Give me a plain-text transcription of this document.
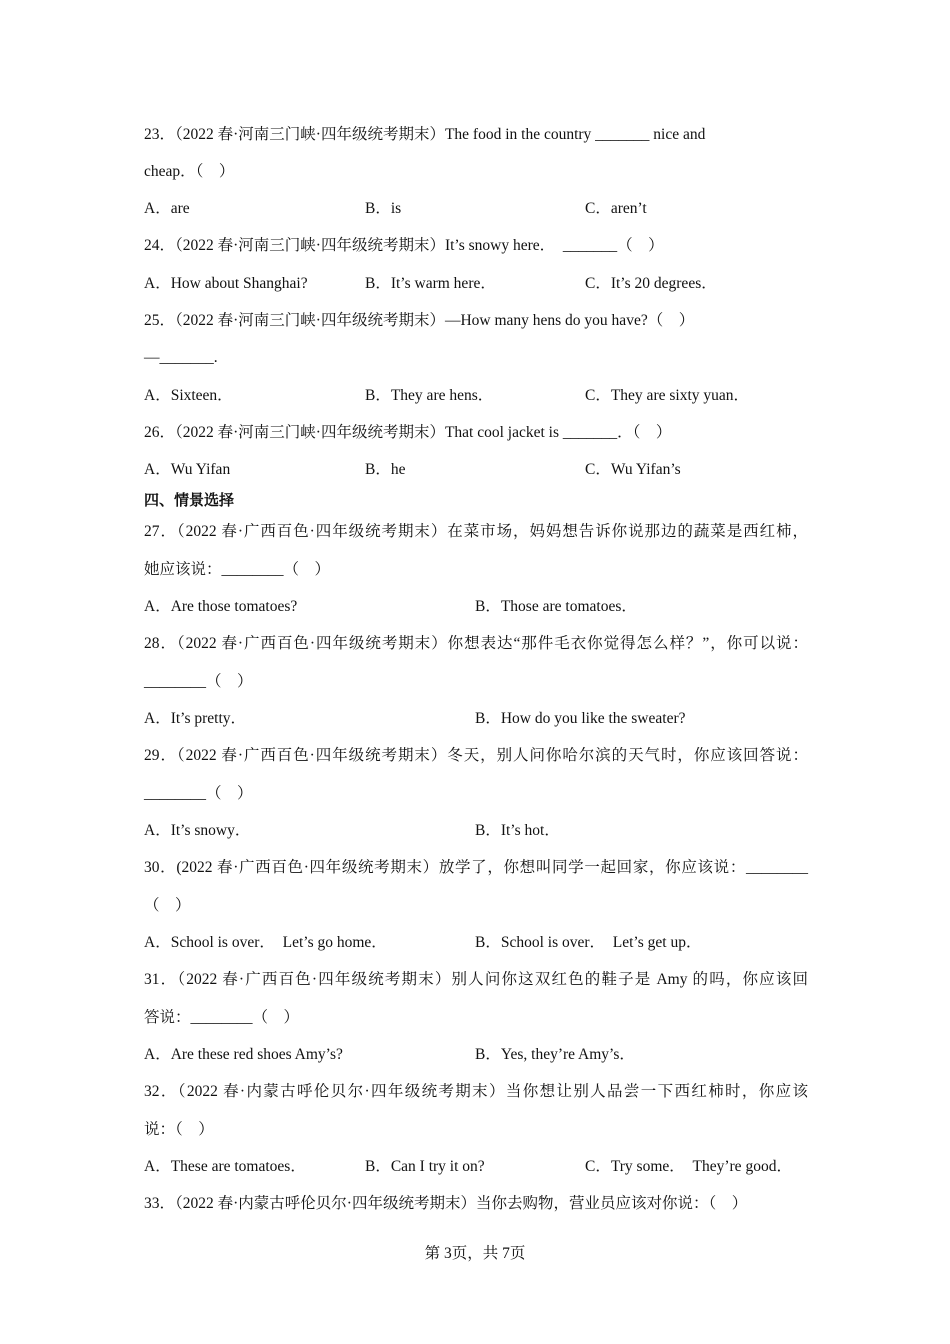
23．（2022 春·河南三门峡·四年级统考期末）The food in the country _______ nice and
cheap．（　）
A．are	B．is	C．aren’t
24．（2022 春·河南三门峡·四年级统考期末）It’s snowy here．　_______（　）
A．How about Shanghai?	B．It’s warm here．	C．It’s 20 degrees．
25．（2022 春·河南三门峡·四年级统考期末）—How many hens do you have?（　）
—_______.
A．Sixteen．	B．They are hens．	C．They are sixty yuan．
26．（2022 春·河南三门峡·四年级统考期末）That cool jacket is _______．（　）
A．Wu Yifan	B．he	C．Wu Yifan’s
四、情景选择
27．（2022 春·广西百色·四年级统考期末）在菜市场，妈妈想告诉你说那边的蔬菜是西红柿，
她应该说：________（　）
A．Are those tomatoes?	B．Those are tomatoes．
28．（2022 春·广西百色·四年级统考期末）你想表达“那件毛衣你觉得怎么样？”，你可以说：
________（　）
A．It’s pretty．	B．How do you like the sweater?
29．（2022 春·广西百色·四年级统考期末）冬天，别人问你哈尔滨的天气时，你应该回答说：
________（　）
A．It’s snowy．	B．It’s hot．
30．(2022 春·广西百色·四年级统考期末）放学了，你想叫同学一起回家，你应该说：________
（　）
A．School is over．　Let’s go home．	B．School is over．　Let’s get up．
31．（2022 春·广西百色·四年级统考期末）别人问你这双红色的鞋子是 Amy 的吗，你应该回
答说：________（　）
A．Are these red shoes Amy’s?	B．Yes, they’re Amy’s．
32．（2022 春·内蒙古呼伦贝尔·四年级统考期末）当你想让别人品尝一下西红柿时，你应该
说：（　）
A．These are tomatoes．	B．Can I try it on?	C．Try some．　They’re good．
33．（2022 春·内蒙古呼伦贝尔·四年级统考期末）当你去购物，营业员应该对你说：（　）
第 3页，共 7页
